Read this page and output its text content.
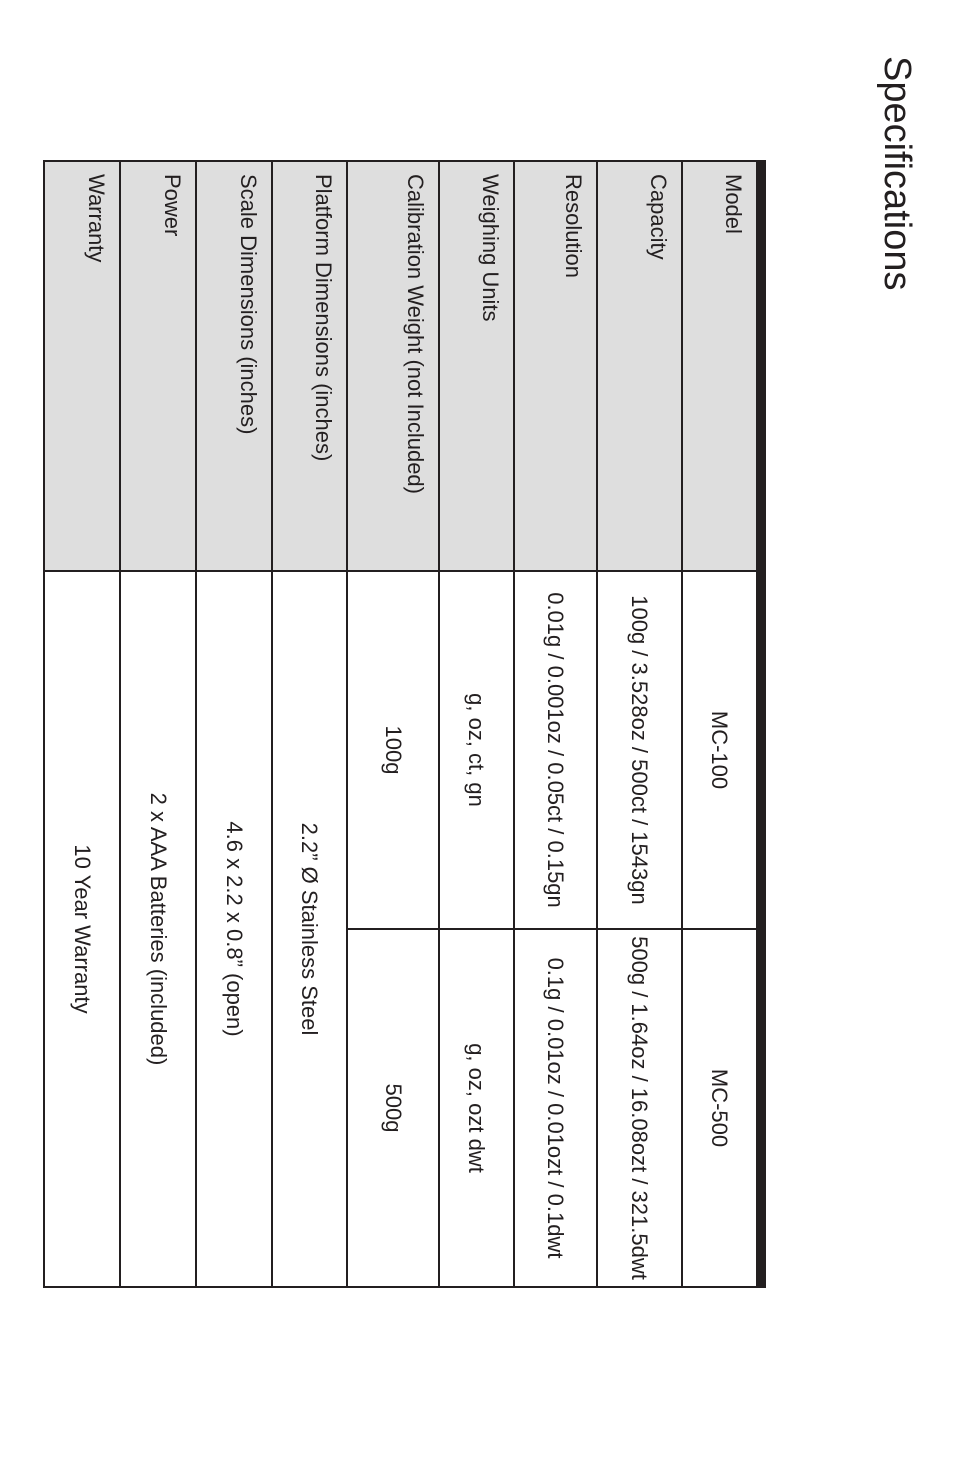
Specifications
Model	MC-100	MC-500
Capacity	100g / 3.528oz / 500ct / 1543gn	500g / 1.64oz / 16.08ozt / 321.5dwt
Resolution	0.01g / 0.001oz / 0.05ct / 0.15gn	0.1g / 0.01oz / 0.01ozt / 0.1dwt
Weighing Units	g, oz, ct, gn	g, oz, ozt dwt
Calibration Weight (not Included)	100g	500g
Platform Dimensions (inches)	2.2” Ø Stainless Steel	
Scale Dimensions (inches)	4.6 x 2.2 x 0.8” (open)	
Power	2 x AAA Batteries (included)	
Warranty	10 Year Warranty	
